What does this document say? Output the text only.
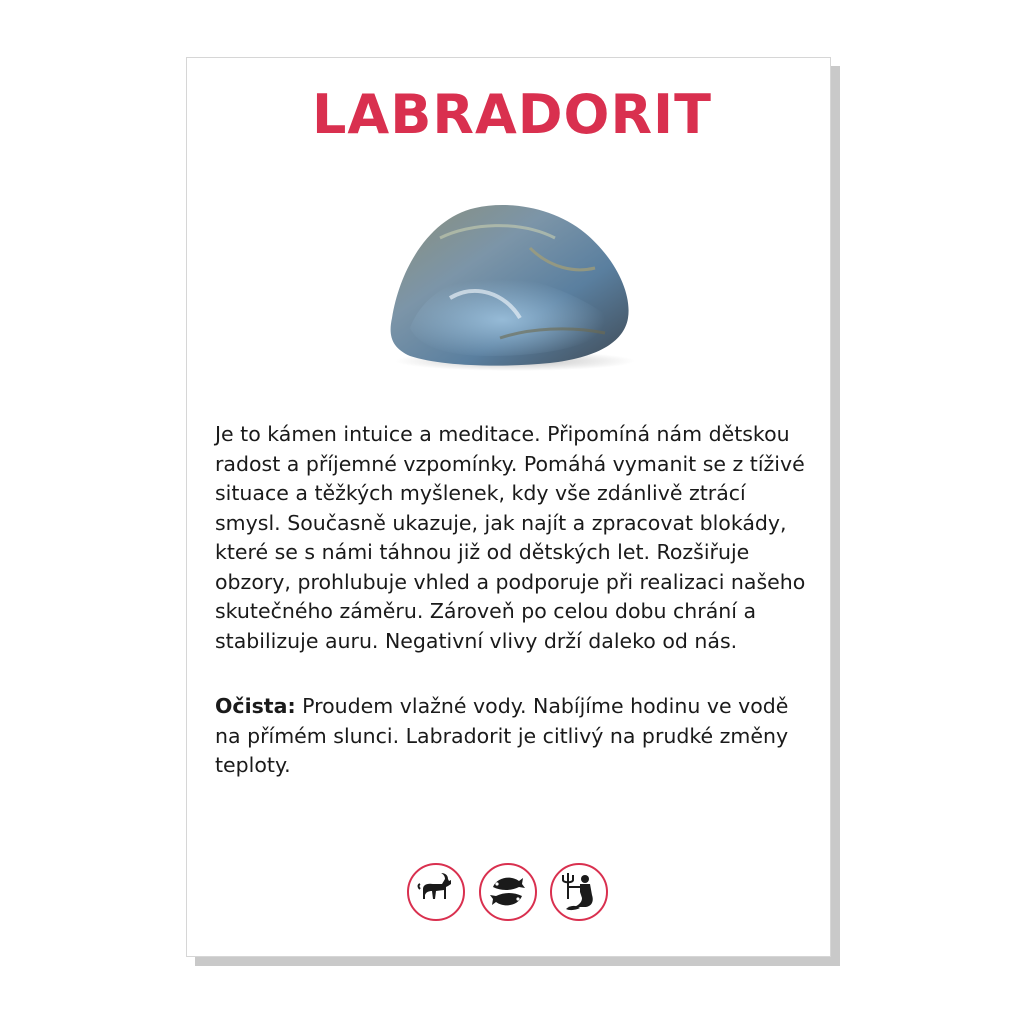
LABRADORIT

Je to kámen intuice a meditace. Připomíná nám dětskou radost a příjemné vzpomínky. Pomáhá vymanit se z tíživé situace a těžkých myšlenek, kdy vše zdánlivě ztrácí smysl. Současně ukazuje, jak najít a zpracovat blokády, které se s námi táhnou již od dětských let. Rozšiřuje obzory, prohlubuje vhled a podporuje při realizaci našeho skutečného záměru. Zároveň po celou dobu chrání a stabilizuje auru. Negativní vlivy drží daleko od nás.

Očista: Proudem vlažné vody. Nabíjíme hodinu ve vodě na přímém slunci. Labradorit je citlivý na prudké změny teploty.
